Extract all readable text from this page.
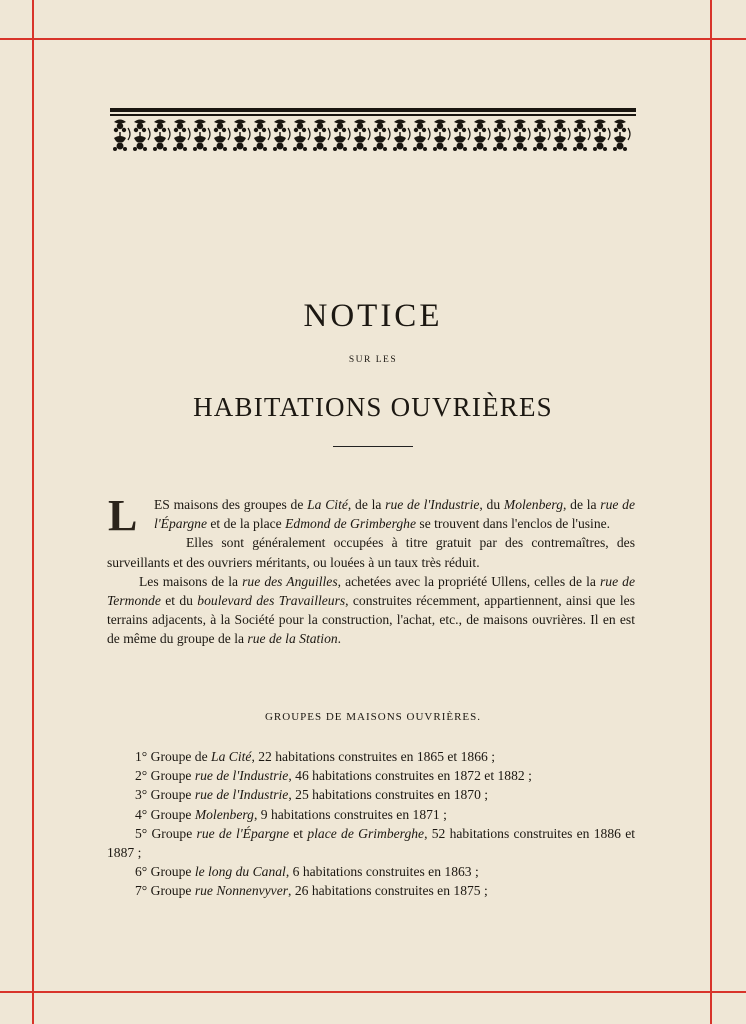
NOTICE
SUR LES
HABITATIONS OUVRIÈRES

L ES maisons des groupes de La Cité, de la rue de l'Industrie, du Molenberg, de la rue de l'Épargne et de la place Edmond de Grimberghe se trouvent dans l'enclos de l'usine.

Elles sont généralement occupées à titre gratuit par des contremaîtres, des surveillants et des ouvriers méritants, ou louées à un taux très réduit.

Les maisons de la rue des Anguilles, achetées avec la propriété Ullens, celles de la rue de Termonde et du boulevard des Travailleurs, construites récemment, appartiennent, ainsi que les terrains adjacents, à la Société pour la construction, l'achat, etc., de maisons ouvrières. Il en est de même du groupe de la rue de la Station.

GROUPES DE MAISONS OUVRIÈRES.
1° Groupe de La Cité, 22 habitations construites en 1865 et 1866 ;
2° Groupe rue de l'Industrie, 46 habitations construites en 1872 et 1882 ;
3° Groupe rue de l'Industrie, 25 habitations construites en 1870 ;
4° Groupe Molenberg, 9 habitations construites en 1871 ;
5° Groupe rue de l'Épargne et place de Grimberghe, 52 habitations construites en 1886 et 1887 ;
6° Groupe le long du Canal, 6 habitations construites en 1863 ;
7° Groupe rue Nonnenvyver, 26 habitations construites en 1875 ;
